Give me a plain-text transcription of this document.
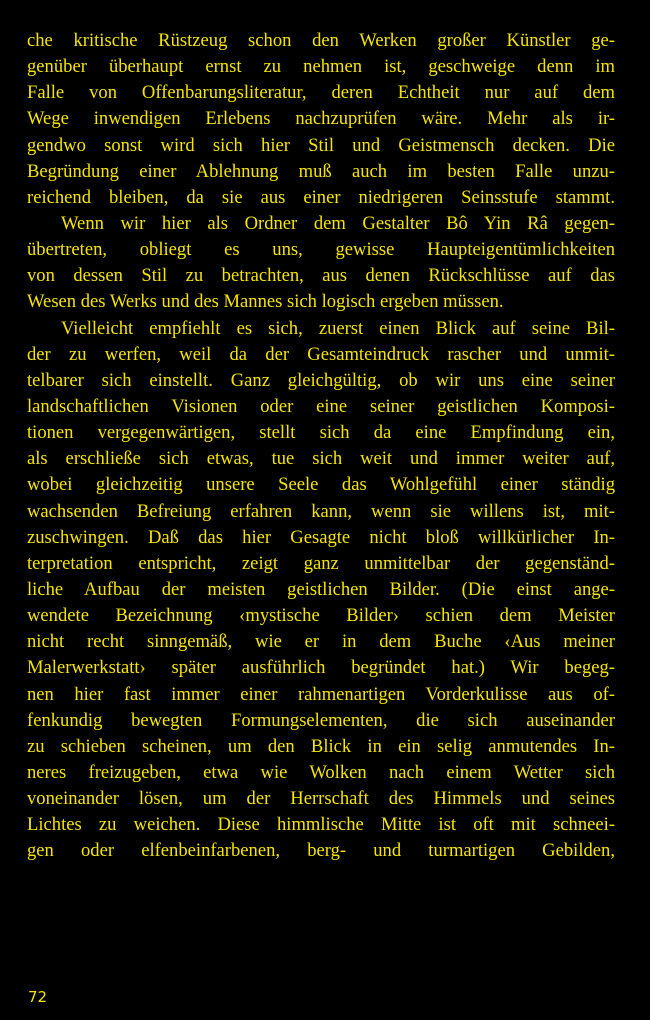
che kritische Rüstzeug schon den Werken großer Künstler ge-
genüber überhaupt ernst zu nehmen ist, geschweige denn im
Falle von Offenbarungsliteratur, deren Echtheit nur auf dem
Wege inwendigen Erlebens nachzuprüfen wäre. Mehr als ir-
gendwo sonst wird sich hier Stil und Geistmensch decken. Die
Begründung einer Ablehnung muß auch im besten Falle unzu-
reichend bleiben, da sie aus einer niedrigeren Seinsstufe stammt.
Wenn wir hier als Ordner dem Gestalter Bô Yin Râ gegen-
übertreten, obliegt es uns, gewisse Haupteigentümlichkeiten
von dessen Stil zu betrachten, aus denen Rückschlüsse auf das
Wesen des Werks und des Mannes sich logisch ergeben müssen.
Vielleicht empfiehlt es sich, zuerst einen Blick auf seine Bil-
der zu werfen, weil da der Gesamteindruck rascher und unmit-
telbarer sich einstellt. Ganz gleichgültig, ob wir uns eine seiner
landschaftlichen Visionen oder eine seiner geistlichen Komposi-
tionen vergegenwärtigen, stellt sich da eine Empfindung ein,
als erschließe sich etwas, tue sich weit und immer weiter auf,
wobei gleichzeitig unsere Seele das Wohlgefühl einer ständig
wachsenden Befreiung erfahren kann, wenn sie willens ist, mit-
zuschwingen. Daß das hier Gesagte nicht bloß willkürlicher In-
terpretation entspricht, zeigt ganz unmittelbar der gegenständ-
liche Aufbau der meisten geistlichen Bilder. (Die einst ange-
wendete Bezeichnung ‹mystische Bilder› schien dem Meister
nicht recht sinngemäß, wie er in dem Buche ‹Aus meiner
Malerwerkstatt› später ausführlich begründet hat.) Wir begeg-
nen hier fast immer einer rahmenartigen Vorderkulisse aus of-
fenkundig bewegten Formungselementen, die sich auseinander
zu schieben scheinen, um den Blick in ein selig anmutendes In-
neres freizugeben, etwa wie Wolken nach einem Wetter sich
voneinander lösen, um der Herrschaft des Himmels und seines
Lichtes zu weichen. Diese himmlische Mitte ist oft mit schneei-
gen oder elfenbeinfarbenen, berg- und turmartigen Gebilden,
72
